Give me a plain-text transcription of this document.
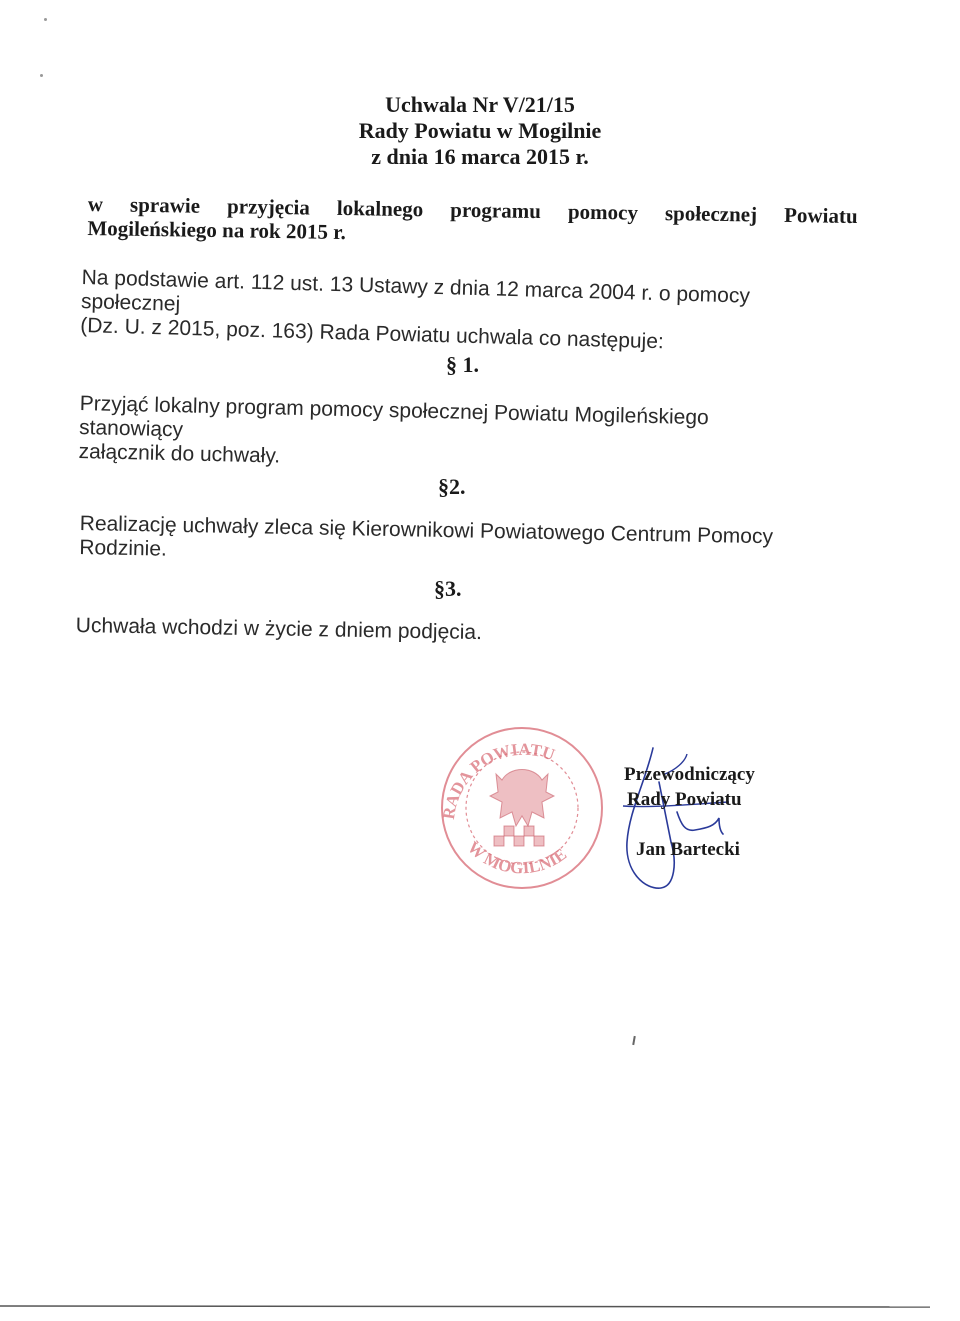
Uchwala Nr V/21/15
Rady Powiatu w Mogilnie
z dnia 16 marca 2015 r.
w sprawie przyjęcia lokalnego programu pomocy społecznej Powiatu
Mogileńskiego na rok 2015 r.
Na podstawie art. 112 ust. 13 Ustawy z dnia 12 marca 2004 r. o pomocy społecznej
(Dz. U. z 2015, poz. 163) Rada Powiatu uchwala co następuje:
§ 1.
Przyjąć lokalny program pomocy społecznej Powiatu Mogileńskiego stanowiący
załącznik do uchwały.
§2.
Realizację uchwały zleca się Kierownikowi Powiatowego Centrum Pomocy Rodzinie.
§3.
Uchwała wchodzi w życie z dniem podjęcia.
RADA POWIATU
W MOGILNIE
Przewodniczący
Rady Powiatu
Jan Bartecki
